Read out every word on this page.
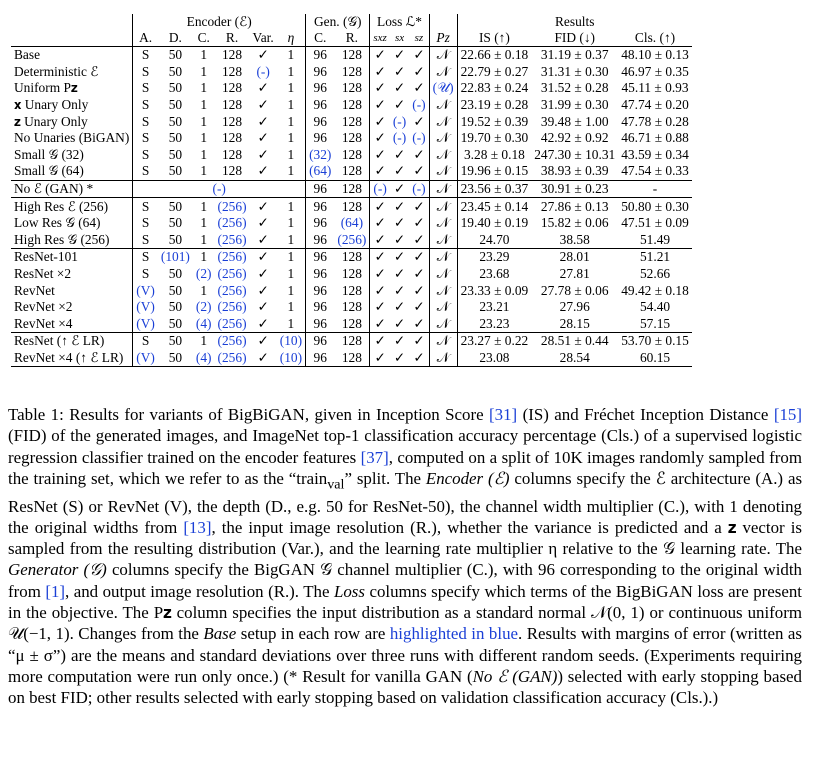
	Encoder (ℰ)						Gen. (𝒢)		Loss ℒ*				Results		
	A.	D.	C.	R.	Var.	η	C.	R.	sxz	sx	sz	Pz	IS (↑)	FID (↓)	Cls. (↑)
Base	S	50	1	128	✓	1	96	128	✓	✓	✓	𝒩	22.66 ± 0.18	31.19 ± 0.37	48.10 ± 0.13
Deterministic ℰ	S	50	1	128	(-)	1	96	128	✓	✓	✓	𝒩	22.79 ± 0.27	31.31 ± 0.30	46.97 ± 0.35
Uniform P𝐳	S	50	1	128	✓	1	96	128	✓	✓	✓	(𝒰)	22.83 ± 0.24	31.52 ± 0.28	45.11 ± 0.93
𝐱 Unary Only	S	50	1	128	✓	1	96	128	✓	✓	(-)	𝒩	23.19 ± 0.28	31.99 ± 0.30	47.74 ± 0.20
𝐳 Unary Only	S	50	1	128	✓	1	96	128	✓	(-)	✓	𝒩	19.52 ± 0.39	39.48 ± 1.00	47.78 ± 0.28
No Unaries (BiGAN)	S	50	1	128	✓	1	96	128	✓	(-)	(-)	𝒩	19.70 ± 0.30	42.92 ± 0.92	46.71 ± 0.88
Small 𝒢 (32)	S	50	1	128	✓	1	(32)	128	✓	✓	✓	𝒩	3.28 ± 0.18	247.30 ± 10.31	43.59 ± 0.34
Small 𝒢 (64)	S	50	1	128	✓	1	(64)	128	✓	✓	✓	𝒩	19.96 ± 0.15	38.93 ± 0.39	47.54 ± 0.33
No ℰ (GAN) *	(-)						96	128	(-)	✓	(-)	𝒩	23.56 ± 0.37	30.91 ± 0.23	-
High Res ℰ (256)	S	50	1	(256)	✓	1	96	128	✓	✓	✓	𝒩	23.45 ± 0.14	27.86 ± 0.13	50.80 ± 0.30
Low Res 𝒢 (64)	S	50	1	(256)	✓	1	96	(64)	✓	✓	✓	𝒩	19.40 ± 0.19	15.82 ± 0.06	47.51 ± 0.09
High Res 𝒢 (256)	S	50	1	(256)	✓	1	96	(256)	✓	✓	✓	𝒩	24.70	38.58	51.49
ResNet-101	S	(101)	1	(256)	✓	1	96	128	✓	✓	✓	𝒩	23.29	28.01	51.21
ResNet ×2	S	50	(2)	(256)	✓	1	96	128	✓	✓	✓	𝒩	23.68	27.81	52.66
RevNet	(V)	50	1	(256)	✓	1	96	128	✓	✓	✓	𝒩	23.33 ± 0.09	27.78 ± 0.06	49.42 ± 0.18
RevNet ×2	(V)	50	(2)	(256)	✓	1	96	128	✓	✓	✓	𝒩	23.21	27.96	54.40
RevNet ×4	(V)	50	(4)	(256)	✓	1	96	128	✓	✓	✓	𝒩	23.23	28.15	57.15
ResNet (↑ ℰ LR)	S	50	1	(256)	✓	(10)	96	128	✓	✓	✓	𝒩	23.27 ± 0.22	28.51 ± 0.44	53.70 ± 0.15
RevNet ×4 (↑ ℰ LR)	(V)	50	(4)	(256)	✓	(10)	96	128	✓	✓	✓	𝒩	23.08	28.54	60.15

Table 1: Results for variants of BigBiGAN, given in Inception Score [31] (IS) and Fréchet Inception Distance [15] (FID) of the generated images, and ImageNet top-1 classification accuracy percentage (Cls.) of a supervised logistic regression classifier trained on the encoder features [37], computed on a split of 10K images randomly sampled from the training set, which we refer to as the “train$_{val}$” split. The Encoder (ℰ) columns specify the ℰ architecture (A.) as ResNet (S) or RevNet (V), the depth (D., e.g. 50 for ResNet-50), the channel width multiplier (C.), with 1 denoting the original widths from [13], the input image resolution (R.), whether the variance is predicted and a 𝐳 vector is sampled from the resulting distribution (Var.), and the learning rate multiplier η relative to the 𝒢 learning rate. The Generator (𝒢) columns specify the BigGAN 𝒢 channel multiplier (C.), with 96 corresponding to the original width from [1], and output image resolution (R.). The Loss columns specify which terms of the BigBiGAN loss are present in the objective. The P𝐳 column specifies the input distribution as a standard normal 𝒩(0, 1) or continuous uniform 𝒰(−1, 1). Changes from the Base setup in each row are highlighted in blue. Results with margins of error (written as “μ ± σ”) are the means and standard deviations over three runs with different random seeds. (Experiments requiring more computation were run only once.) (* Result for vanilla GAN (No ℰ (GAN)) selected with early stopping based on best FID; other results selected with early stopping based on validation classification accuracy (Cls.).)
